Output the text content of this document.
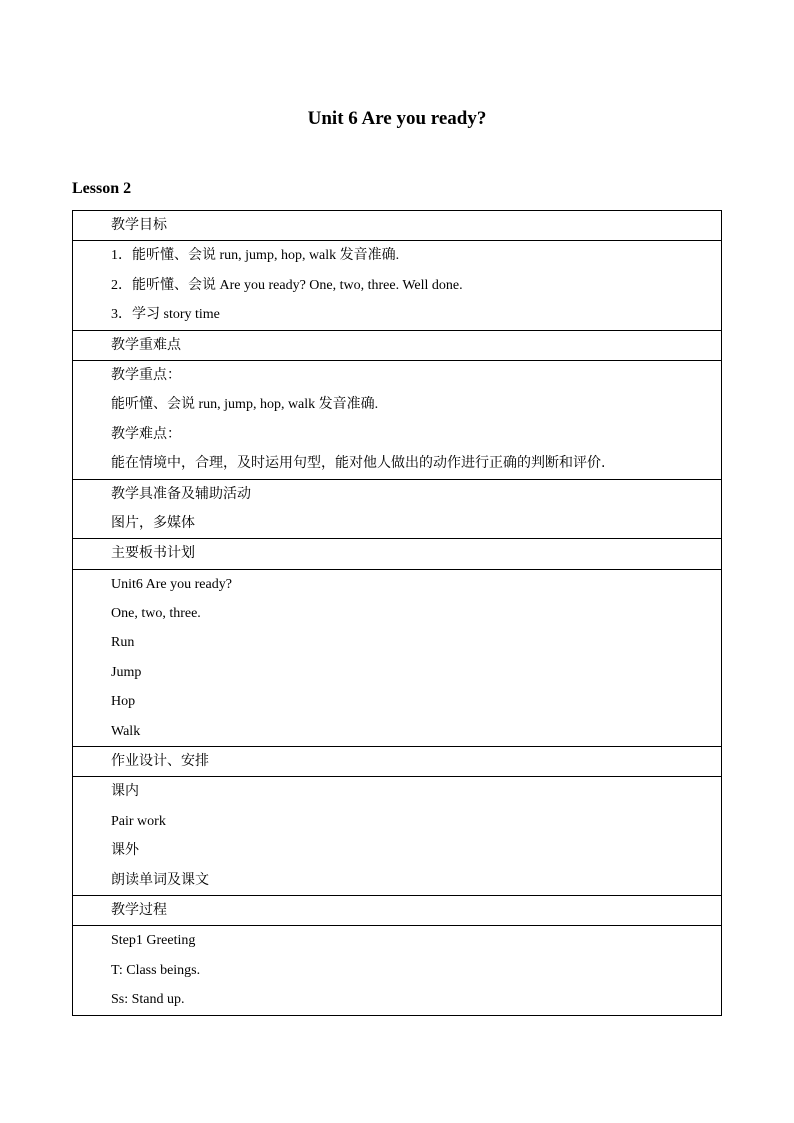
Unit 6 Are you ready?
Lesson 2
教学目标

1．能听懂、会说 run, jump, hop, walk 发音准确.
2．能听懂、会说 Are you ready? One, two, three. Well done.
3．学习 story time

教学重难点

教学重点：
能听懂、会说 run, jump, hop, walk 发音准确.
教学难点：
能在情境中，合理，及时运用句型，能对他人做出的动作进行正确的判断和评价.

教学具准备及辅助活动
图片，多媒体

主要板书计划

Unit6 Are you ready?
One, two, three.
Run
Jump
Hop
Walk

作业设计、安排

课内
Pair work
课外
朗读单词及课文

教学过程

Step1 Greeting
T: Class beings.
Ss: Stand up.
